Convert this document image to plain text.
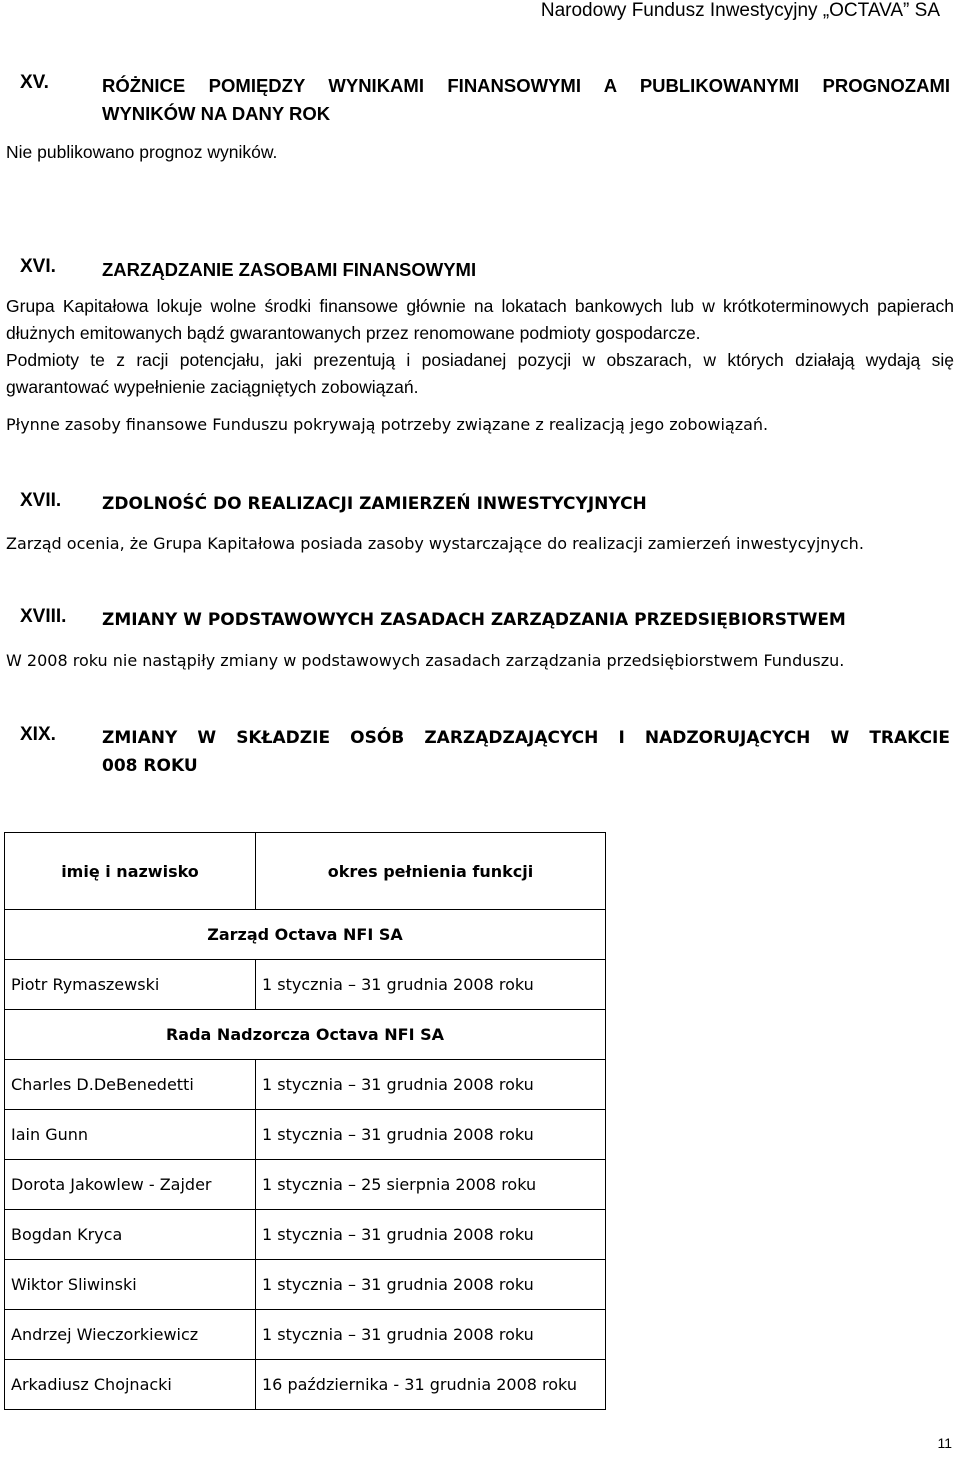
Narodowy Fundusz Inwestycyjny „OCTAVA” SA
XV.	RÓŻNICE POMIĘDZY WYNIKAMI FINANSOWYMI A PUBLIKOWANYMI PROGNOZAMI
WYNIKÓW NA DANY ROK
Nie publikowano prognoz wyników.
XVI. ZARZĄDZANIE ZASOBAMI FINANSOWYMI
Grupa Kapitałowa lokuje wolne środki finansowe głównie na lokatach bankowych lub w krótkoterminowych papierach dłużnych emitowanych bądź gwarantowanych przez renomowane podmioty gospodarcze.
Podmioty te z racji potencjału, jaki prezentują i posiadanej pozycji w obszarach, w których działają wydają się gwarantować wypełnienie zaciągniętych zobowiązań.
Płynne zasoby finansowe Funduszu pokrywają potrzeby związane z realizacją jego zobowiązań.
XVII. ZDOLNOŚĆ DO REALIZACJI ZAMIERZEŃ INWESTYCYJNYCH
Zarząd ocenia, że Grupa Kapitałowa posiada zasoby wystarczające do realizacji zamierzeń inwestycyjnych.
XVIII. ZMIANY W PODSTAWOWYCH ZASADACH ZARZĄDZANIA PRZEDSIĘBIORSTWEM
W 2008 roku nie nastąpiły zmiany w podstawowych zasadach zarządzania przedsiębiorstwem Funduszu.
XIX.	ZMIANY W SKŁADZIE OSÓB ZARZĄDZAJĄCYCH I NADZORUJĄCYCH W TRAKCIE
008 ROKU
imię i nazwisko	okres pełnienia funkcji
Zarząd Octava NFI SA	
Piotr Rymaszewski	1 stycznia – 31 grudnia 2008 roku
Rada Nadzorcza Octava NFI SA	
Charles D.DeBenedetti	1 stycznia – 31 grudnia 2008 roku
Iain Gunn	1 stycznia – 31 grudnia 2008 roku
Dorota Jakowlew - Zajder	1 stycznia – 25 sierpnia 2008 roku
Bogdan Kryca	1 stycznia – 31 grudnia 2008 roku
Wiktor Sliwinski	1 stycznia – 31 grudnia 2008 roku
Andrzej Wieczorkiewicz	1 stycznia – 31 grudnia 2008 roku
Arkadiusz Chojnacki	16 października - 31 grudnia 2008 roku
11
